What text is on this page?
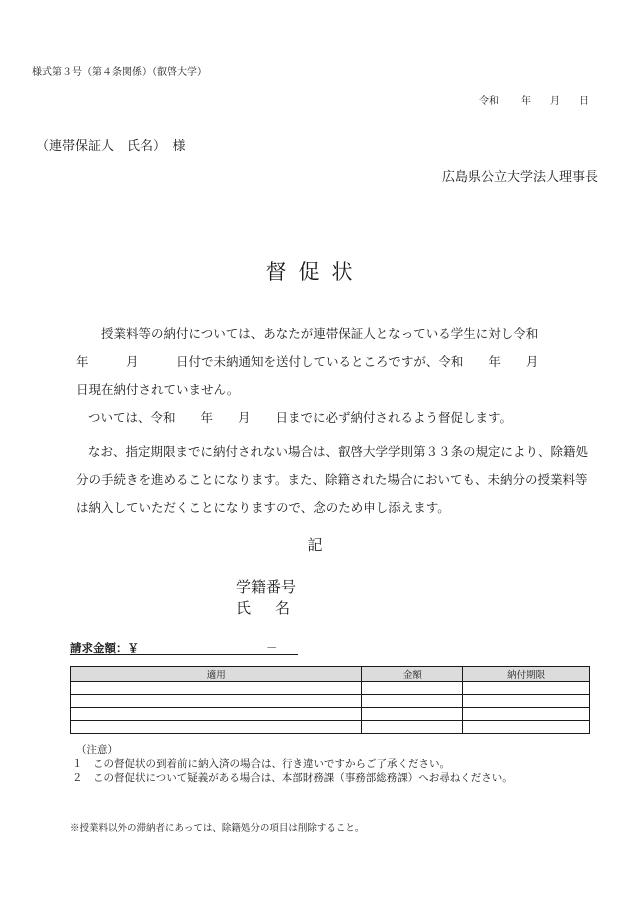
様式第３号（第４条関係）（叡啓大学）
令和 年 月 日
（連帯保証人　氏名）　様
広島県公立大学法人理事長
督促状
授業料等の納付については、あなたが連帯保証人となっている学生に対し令和
年　　　月　　　日付で未納通知を送付しているところですが、令和　　年　　月
日現在納付されていません。
ついては、令和　　年　　月　　日までに必ず納付されるよう督促します。
なお、指定期限までに納付されない場合は、叡啓大学学則第３３条の規定により、除籍処分の手続きを進めることになります。また、除籍された場合においても、未納分の授業料等は納入していただくことになりますので、念のため申し添えます。
記
学籍番号
氏名
請求金額：￥	－
適用	金額	納付期限

（注意）
１　この督促状の到着前に納入済の場合は、行き違いですからご了承ください。
２　この督促状について疑義がある場合は、本部財務課（事務部総務課）へお尋ねください。
※授業料以外の滞納者にあっては、除籍処分の項目は削除すること。
